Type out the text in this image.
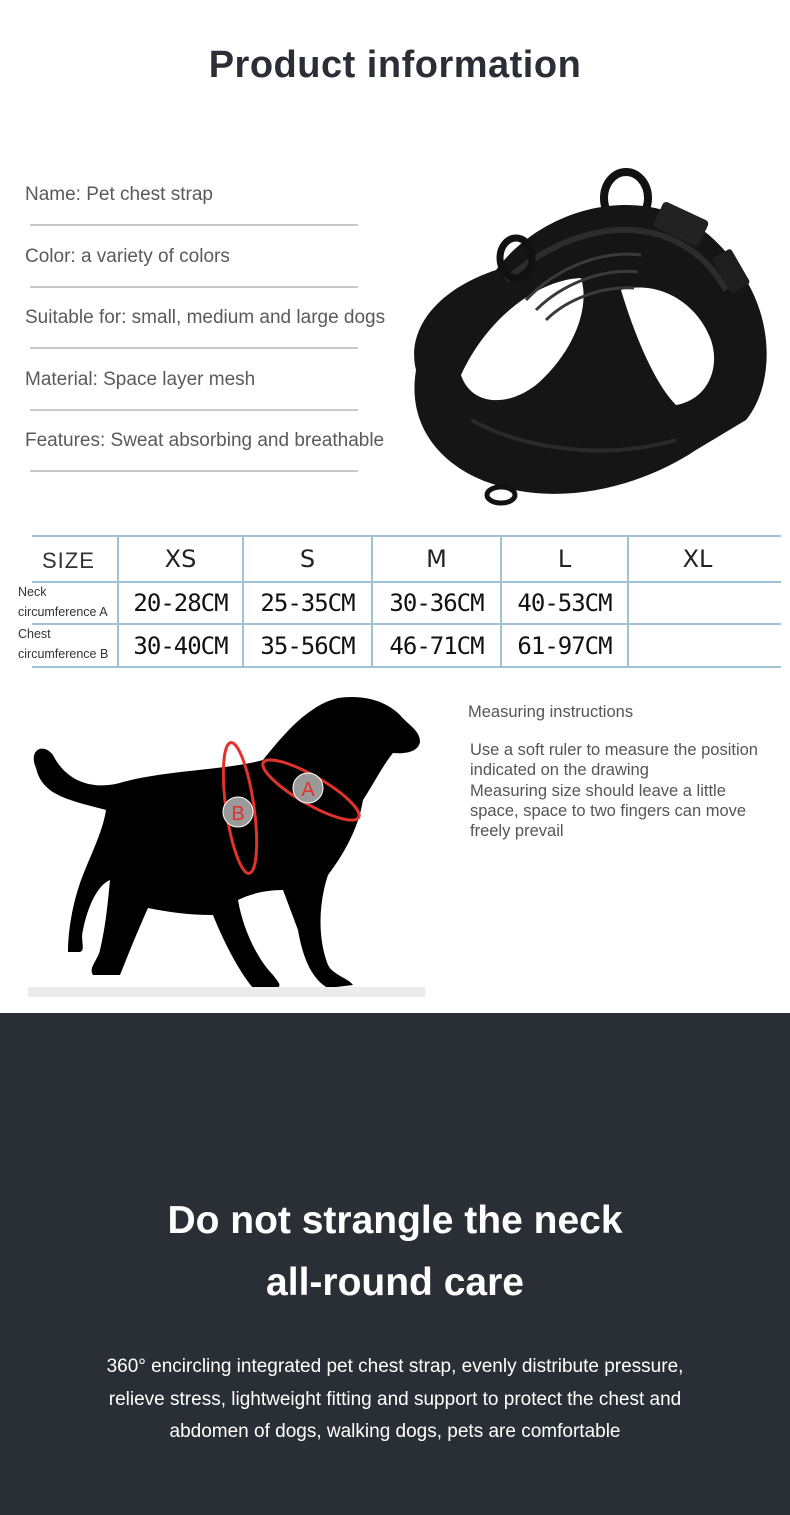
Product information
Name: Pet chest strap
Color: a variety of colors
Suitable for: small, medium and large dogs
Material: Space layer mesh
Features: Sweat absorbing and breathable
SIZE	XS	S	M	L	XL
Neck
circumference A	20-28CM	25-35CM	30-36CM	40-53CM
Chest
circumference B	30-40CM	35-56CM	46-71CM	61-97CM
A
B
Measuring instructions

Use a soft ruler to measure the position

indicated on the drawing

Measuring size should leave a little

space, space to two fingers can move

freely prevail

Do not strangle the neck
all-round care

360° encircling integrated pet chest strap, evenly distribute pressure,

relieve stress, lightweight fitting and support to protect the chest and

abdomen of dogs, walking dogs, pets are comfortable
